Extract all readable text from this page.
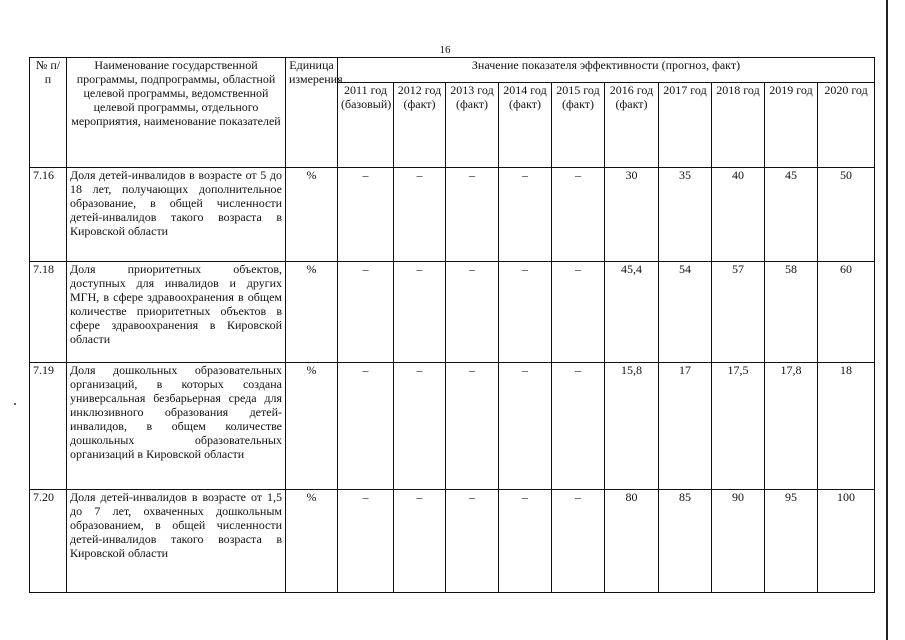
16
№ п/п	Наименование государственной программы, подпрограммы, областной целевой программы, ведомственной целевой программы, отдельного мероприятия, наименование показателей	Единица измерения	Значение показателя эффективности (прогноз, факт)									
			2011 год (базовый)	2012 год (факт)	2013 год (факт)	2014 год (факт)	2015 год (факт)	2016 год (факт)	2017 год	2018 год	2019 год	2020 год
7.16	Доля детей-инвалидов в возрасте от 5 до 18 лет, получающих дополнительное образование, в общей численности детей-инвалидов такого возраста в Кировской области	%	–	–	–	–	–	30	35	40	45	50
7.18	Доля приоритетных объектов, доступных для инвалидов и других МГН, в сфере здравоохранения в общем количестве приоритетных объектов в сфере здравоохранения в Кировской области	%	–	–	–	–	–	45,4	54	57	58	60
7.19	Доля дошкольных образовательных организаций, в которых создана универсальная безбарьерная среда для инклюзивного образования детей-инвалидов, в общем количестве дошкольных образовательных организаций в Кировской области	%	–	–	–	–	–	15,8	17	17,5	17,8	18
7.20	Доля детей-инвалидов в возрасте от 1,5 до 7 лет, охваченных дошкольным образованием, в общей численности детей-инвалидов такого возраста в Кировской области	%	–	–	–	–	–	80	85	90	95	100
